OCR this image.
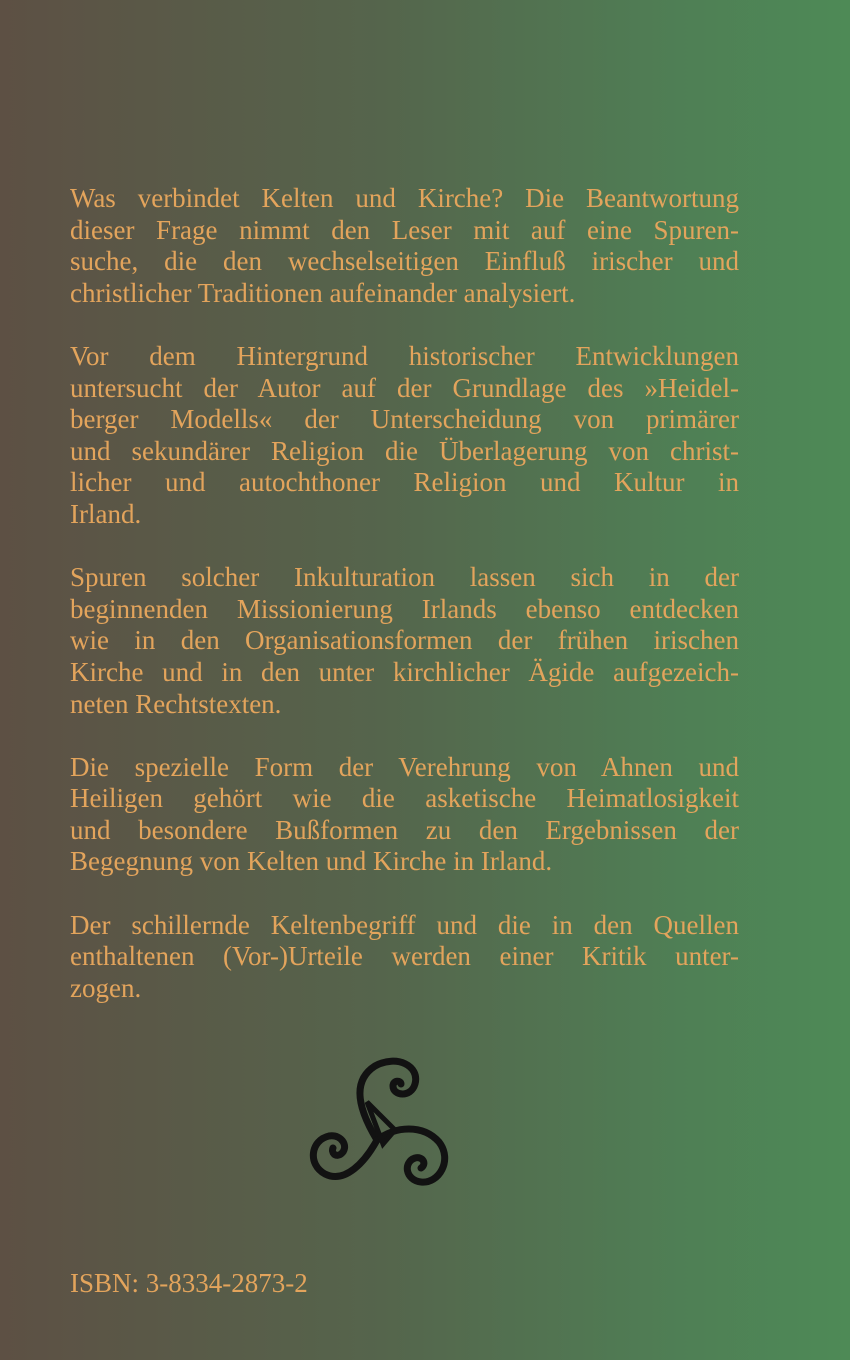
Was verbindet Kelten und Kirche? Die Beantwortung
dieser Frage nimmt den Leser mit auf eine Spuren-
suche, die den wechselseitigen Einfluß irischer und
christlicher Traditionen aufeinander analysiert.
Vor dem Hintergrund historischer Entwicklungen
untersucht der Autor auf der Grundlage des »Heidel-
berger Modells« der Unterscheidung von primärer
und sekundärer Religion die Überlagerung von christ-
licher und autochthoner Religion und Kultur in
Irland.
Spuren solcher Inkulturation lassen sich in der
beginnenden Missionierung Irlands ebenso entdecken
wie in den Organisationsformen der frühen irischen
Kirche und in den unter kirchlicher Ägide aufgezeich-
neten Rechtstexten.
Die spezielle Form der Verehrung von Ahnen und
Heiligen gehört wie die asketische Heimatlosigkeit
und besondere Bußformen zu den Ergebnissen der
Begegnung von Kelten und Kirche in Irland.
Der schillernde Keltenbegriff und die in den Quellen
enthaltenen (Vor-)Urteile werden einer Kritik unter-
zogen.
ISBN: 3-8334-2873-2
